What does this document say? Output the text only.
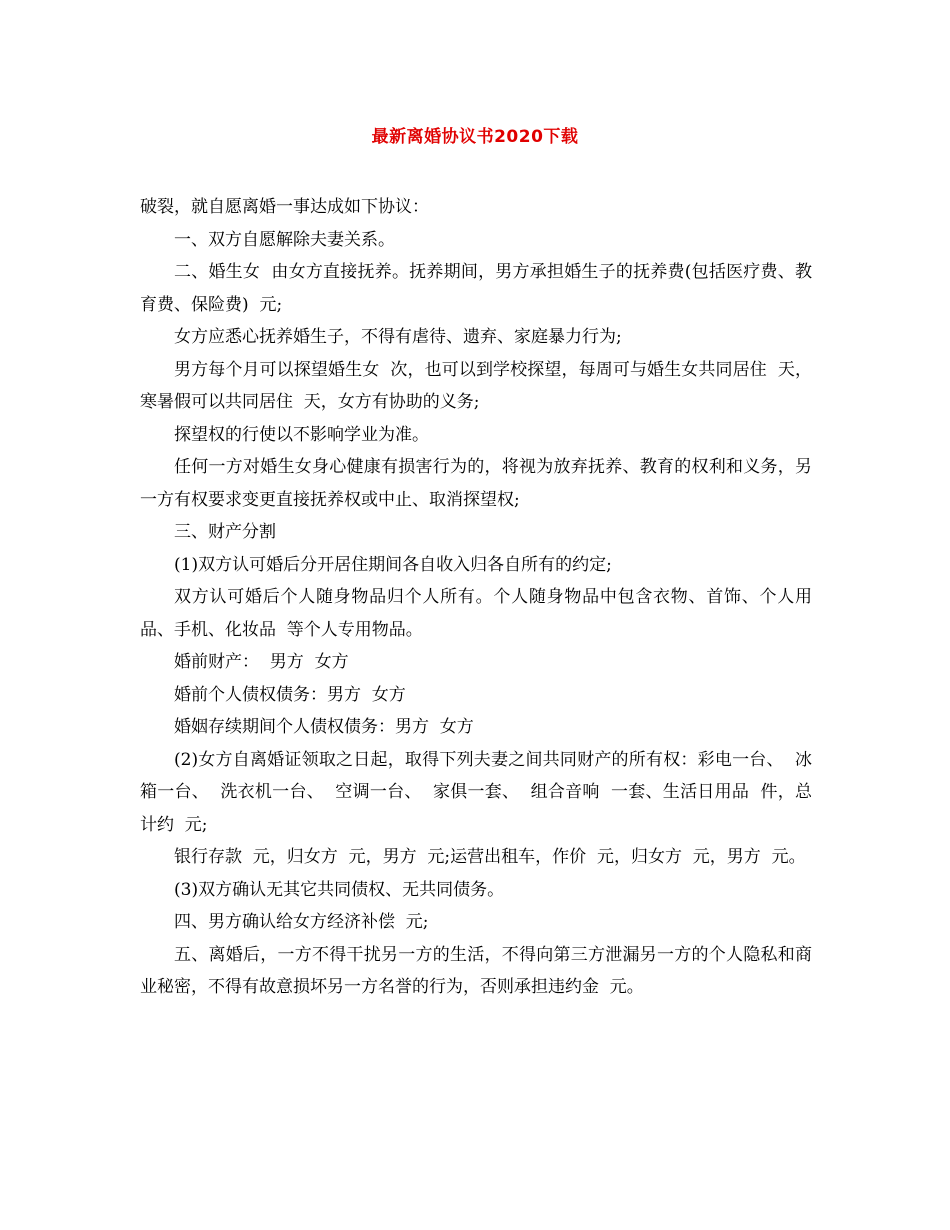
最新离婚协议书2020下载

破裂，就自愿离婚一事达成如下协议：

一、双方自愿解除夫妻关系。

二、婚生女  由女方直接抚养。抚养期间，男方承担婚生子的抚养费(包括医疗费、教育费、保险费)  元;

女方应悉心抚养婚生子，不得有虐待、遗弃、家庭暴力行为;

男方每个月可以探望婚生女  次，也可以到学校探望，每周可与婚生女共同居住  天，寒暑假可以共同居住  天，女方有协助的义务;

探望权的行使以不影响学业为准。

任何一方对婚生女身心健康有损害行为的，将视为放弃抚养、教育的权利和义务，另一方有权要求变更直接抚养权或中止、取消探望权;

三、财产分割

(1)双方认可婚后分开居住期间各自收入归各自所有的约定;

双方认可婚后个人随身物品归个人所有。个人随身物品中包含衣物、首饰、个人用品、手机、化妆品  等个人专用物品。

婚前财产：  男方  女方

婚前个人债权债务：男方  女方

婚姻存续期间个人债权债务：男方  女方

(2)女方自离婚证领取之日起，取得下列夫妻之间共同财产的所有权：彩电一台、  冰箱一台、  洗衣机一台、  空调一台、  家俱一套、  组合音响  一套、生活日用品  件，总计约  元;

银行存款  元，归女方  元，男方  元;运营出租车，作价  元，归女方  元，男方  元。

(3)双方确认无其它共同债权、无共同债务。

四、男方确认给女方经济补偿  元;

五、离婚后，一方不得干扰另一方的生活，不得向第三方泄漏另一方的个人隐私和商业秘密，不得有故意损坏另一方名誉的行为，否则承担违约金  元。
